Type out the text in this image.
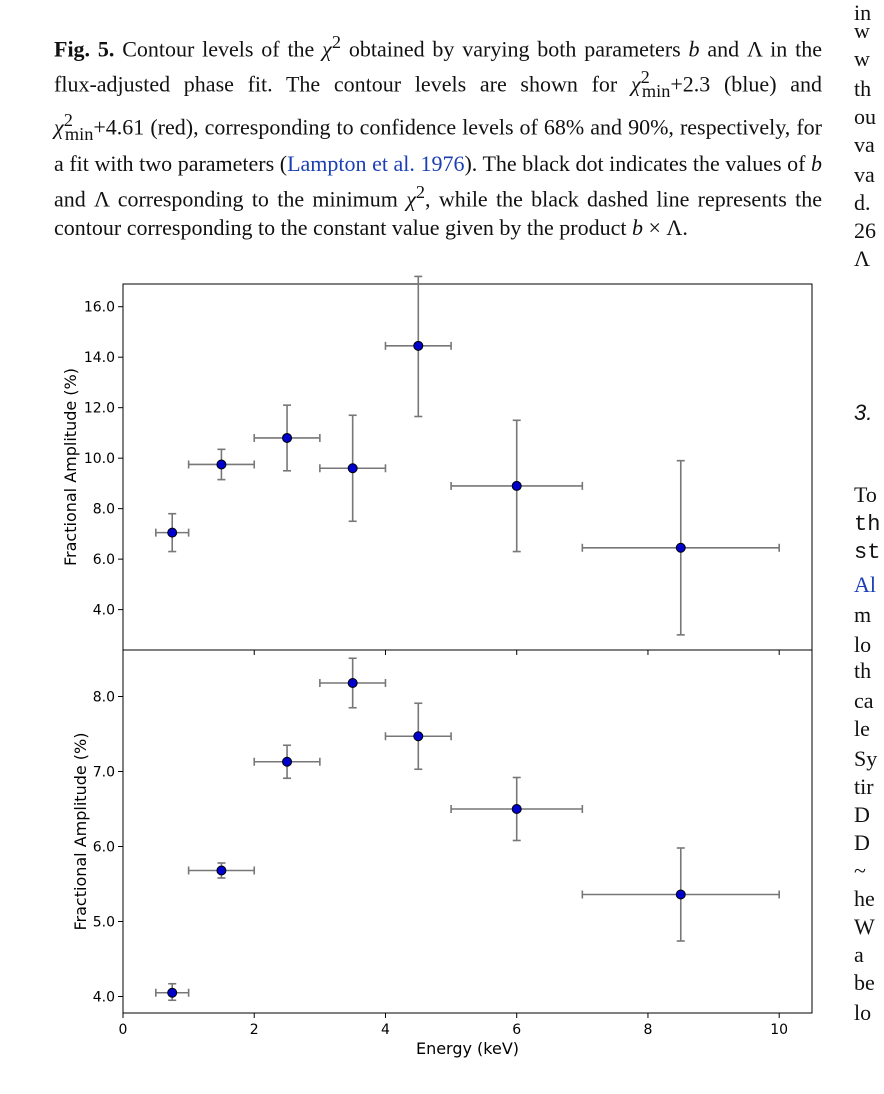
Fig. 5. Contour levels of the $\chi^2$ obtained by varying both parameters b and Λ in the flux-adjusted phase fit. The contour levels are shown for $\chi^2_{min}+2.3$ (blue) and $\chi^2_{min}+4.61$ (red), corresponding to confidence levels of 68% and 90%, respectively, for a fit with two parameters (Lampton et al. 1976). The black dot indicates the values of b and Λ corresponding to the minimum $\chi^2$, while the black dashed line represents the contour corresponding to the constant value given by the product b × Λ.

in
w
w
th
ou
va
va
d.
26
Λ
3.
To
th
st
Al
m
lo
th
ca
le
Sy
tir
D
D
~
he
W
a
be
lo
4.0
6.0
8.0
10.0
12.0
14.0
16.0
Fractional Amplitude (%)
4.0
5.0
6.0
7.0
8.0
0	2	4	6	8	10
Fractional Amplitude (%)
Energy (keV)
